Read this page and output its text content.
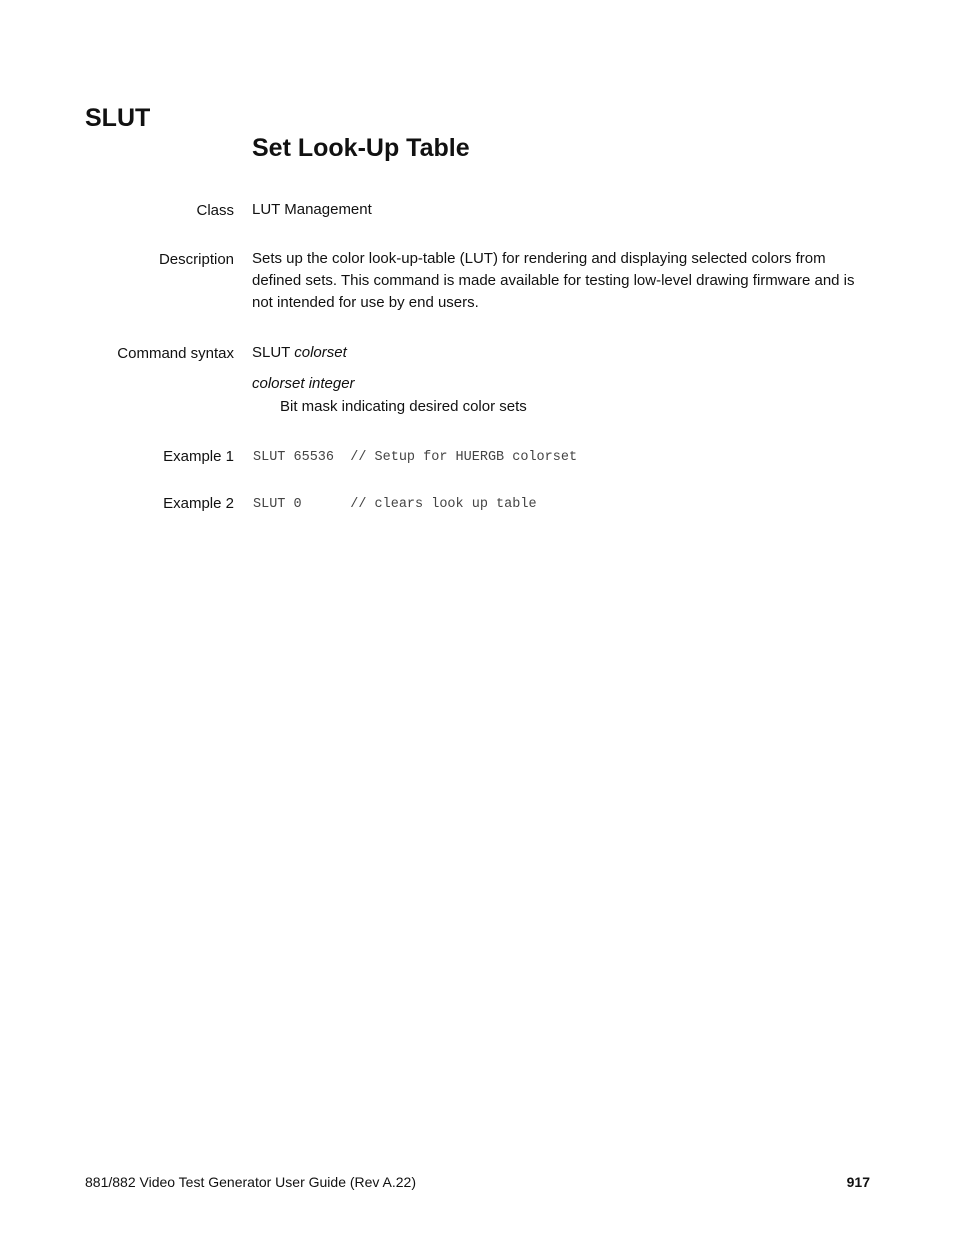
SLUT
Set Look-Up Table
Class LUT Management
Description Sets up the color look-up-table (LUT) for rendering and displaying selected colors from defined sets. This command is made available for testing low-level drawing firmware and is not intended for use by end users.
Command syntax SLUT colorset
colorset integer
Bit mask indicating desired color sets
Example 1 SLUT 65536  // Setup for HUERGB colorset
Example 2 SLUT 0      // clears look up table
881/882 Video Test Generator User Guide (Rev A.22)	917
